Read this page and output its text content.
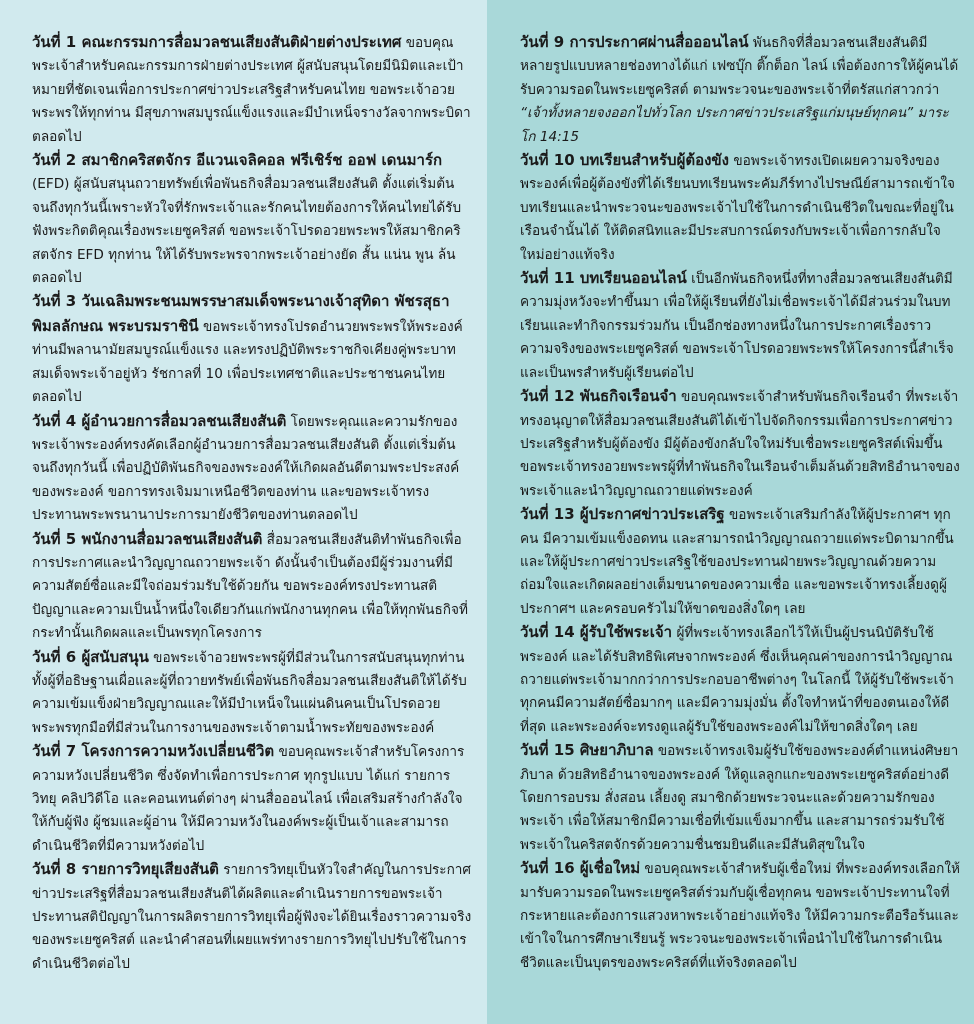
วันที่ 1 คณะกรรมการสื่อมวลชนเสียงสันติฝ่ายต่างประเทศ ขอบคุณพระเจ้าสำหรับคณะกรรมการฝ่ายต่างประเทศ ผู้สนับสนุนโดยมีนิมิตและเป้าหมายที่ชัดเจนเพื่อการประกาศข่าวประเสริฐสำหรับคนไทย ขอพระเจ้าอวยพระพรให้ทุกท่าน มีสุขภาพสมบูรณ์แข็งแรงและมีบำเหน็จรางวัลจากพระบิดาตลอดไป

วันที่ 2 สมาชิกคริสตจักร อีแวนเจลิคอล ฟรีเชิร์ช ออฟ เดนมาร์ก (EFD) ผู้สนับสนุนถวายทรัพย์เพื่อพันธกิจสื่อมวลชนเสียงสันติ ตั้งแต่เริ่มต้นจนถึงทุกวันนี้เพราะหัวใจที่รักพระเจ้าและรักคนไทยต้องการให้คนไทยได้รับฟังพระกิตติคุณเรื่องพระเยซูคริสต์ ขอพระเจ้าโปรดอวยพระพรให้สมาชิกคริสตจักร EFD ทุกท่าน ให้ได้รับพระพรจากพระเจ้าอย่างยัด สั้น แน่น พูน ล้น ตลอดไป

วันที่ 3 วันเฉลิมพระชนมพรรษาสมเด็จพระนางเจ้าสุทิดา พัชรสุธาพิมลลักษณ พระบรมราชินี ขอพระเจ้าทรงโปรดอำนวยพระพรให้พระองค์ท่านมีพลานามัยสมบูรณ์แข็งแรง และทรงปฏิบัติพระราชกิจเคียงคู่พระบาท สมเด็จพระเจ้าอยู่หัว รัชกาลที่ 10 เพื่อประเทศชาติและประชาชนคนไทยตลอดไป

วันที่ 4 ผู้อำนวยการสื่อมวลชนเสียงสันติ โดยพระคุณและความรักของพระเจ้าพระองค์ทรงคัดเลือกผู้อำนวยการสื่อมวลชนเสียงสันติ ตั้งแต่เริ่มต้นจนถึงทุกวันนี้ เพื่อปฏิบัติพันธกิจของพระองค์ให้เกิดผลอันดีตามพระประสงค์ของพระองค์ ขอการทรงเจิมมาเหนือชีวิตของท่าน และขอพระเจ้าทรงประทานพระพรนานาประการมายังชีวิตของท่านตลอดไป

วันที่ 5 พนักงานสื่อมวลชนเสียงสันติ สื่อมวลชนเสียงสันติทำพันธกิจเพื่อการประกาศและนำวิญญาณถวายพระเจ้า ดังนั้นจำเป็นต้องมีผู้ร่วมงานที่มีความสัตย์ซื่อและมีใจถ่อมร่วมรับใช้ด้วยกัน ขอพระองค์ทรงประทานสติปัญญาและความเป็นน้ำหนึ่งใจเดียวกันแก่พนักงานทุกคน เพื่อให้ทุกพันธกิจที่กระทำนั้นเกิดผลและเป็นพรทุกโครงการ

วันที่ 6 ผู้สนับสนุน ขอพระเจ้าอวยพระพรผู้ที่มีส่วนในการสนับสนุนทุกท่าน ทั้งผู้ที่อธิษฐานเผื่อและผู้ที่ถวายทรัพย์เพื่อพันธกิจสื่อมวลชนเสียงสันติให้ได้รับความเข้มแข็งฝ่ายวิญญาณและให้มีบำเหน็จในแผ่นดินคนเป็นโปรดอวยพระพรทุกมือที่มีส่วนในการงานของพระเจ้าตามน้ำพระทัยของพระองค์

วันที่ 7 โครงการความหวังเปลี่ยนชีวิต ขอบคุณพระเจ้าสำหรับโครงการความหวังเปลี่ยนชีวิต ซึ่งจัดทำเพื่อการประกาศ ทุกรูปแบบ ได้แก่ รายการวิทยุ คลิปวิดีโอ และคอนเทนต์ต่างๆ ผ่านสื่อออนไลน์ เพื่อเสริมสร้างกำลังใจให้กับผู้ฟัง ผู้ชมและผู้อ่าน ให้มีความหวังในองค์พระผู้เป็นเจ้าและสามารถดำเนินชีวิตที่มีความหวังต่อไป

วันที่ 8 รายการวิทยุเสียงสันติ รายการวิทยุเป็นหัวใจสำคัญในการประกาศข่าวประเสริฐที่สื่อมวลชนเสียงสันติได้ผลิตและดำเนินรายการขอพระเจ้าประทานสติปัญญาในการผลิตรายการวิทยุเพื่อผู้ฟังจะได้ยินเรื่องราวความจริงของพระเยซูคริสต์ และนำคำสอนที่เผยแพร่ทางรายการวิทยุไปปรับใช้ในการดำเนินชีวิตต่อไป

วันที่ 9 การประกาศผ่านสื่อออนไลน์ พันธกิจที่สื่อมวลชนเสียงสันติมีหลายรูปแบบหลายช่องทางได้แก่ เฟซบุ๊ก ติ๊กต็อก ไลน์ เพื่อต้องการให้ผู้คนได้รับความรอดในพระเยซูคริสต์ ตามพระวจนะของพระเจ้าที่ตรัสแก่สาวกว่า “เจ้าทั้งหลายจงออกไปทั่วโลก ประกาศข่าวประเสริฐแก่มนุษย์ทุกคน” มาระโก 14:15

วันที่ 10 บทเรียนสำหรับผู้ต้องขัง ขอพระเจ้าทรงเปิดเผยความจริงของพระองค์เพื่อผู้ต้องขังที่ได้เรียนบทเรียนพระคัมภีร์ทางไปรษณีย์สามารถเข้าใจบทเรียนและนำพระวจนะของพระเจ้าไปใช้ในการดำเนินชีวิตในขณะที่อยู่ในเรือนจำนั้นได้ ให้ติดสนิทและมีประสบการณ์ตรงกับพระเจ้าเพื่อการกลับใจใหม่อย่างแท้จริง

วันที่ 11 บทเรียนออนไลน์ เป็นอีกพันธกิจหนึ่งที่ทางสื่อมวลชนเสียงสันติมีความมุ่งหวังจะทำขึ้นมา เพื่อให้ผู้เรียนที่ยังไม่เชื่อพระเจ้าได้มีส่วนร่วมในบทเรียนและทำกิจกรรมร่วมกัน เป็นอีกช่องทางหนึ่งในการประกาศเรื่องราวความจริงของพระเยซูคริสต์ ขอพระเจ้าโปรดอวยพระพรให้โครงการนี้สำเร็จและเป็นพรสำหรับผู้เรียนต่อไป

วันที่ 12 พันธกิจเรือนจำ ขอบคุณพระเจ้าสำหรับพันธกิจเรือนจำ ที่พระเจ้าทรงอนุญาตให้สื่อมวลชนเสียงสันติได้เข้าไปจัดกิจกรรมเพื่อการประกาศข่าวประเสริฐสำหรับผู้ต้องขัง มีผู้ต้องขังกลับใจใหม่รับเชื่อพระเยซูคริสต์เพิ่มขึ้น ขอพระเจ้าทรงอวยพระพรผู้ที่ทำพันธกิจในเรือนจำเต็มล้นด้วยสิทธิอำนาจของพระเจ้าและนำวิญญาณถวายแด่พระองค์

วันที่ 13 ผู้ประกาศข่าวประเสริฐ ขอพระเจ้าเสริมกำลังให้ผู้ประกาศฯ ทุกคน มีความเข้มแข็งอดทน และสามารถนำวิญญาณถวายแด่พระบิดามากขึ้นและให้ผู้ประกาศข่าวประเสริฐใช้ของประทานฝ่ายพระวิญญาณด้วยความถ่อมใจและเกิดผลอย่างเต็มขนาดของความเชื่อ และขอพระเจ้าทรงเลี้ยงดูผู้ประกาศฯ และครอบครัวไม่ให้ขาดของสิ่งใดๆ เลย

วันที่ 14 ผู้รับใช้พระเจ้า ผู้ที่พระเจ้าทรงเลือกไว้ให้เป็นผู้ปรนนิบัติรับใช้พระองค์ และได้รับสิทธิพิเศษจากพระองค์ ซึ่งเห็นคุณค่าของการนำวิญญาณถวายแด่พระเจ้ามากกว่าการประกอบอาชีพต่างๆ ในโลกนี้ ให้ผู้รับใช้พระเจ้าทุกคนมีความสัตย์ซื่อมากๆ และมีความมุ่งมั่น ตั้งใจทำหน้าที่ของตนเองให้ดีที่สุด และพระองค์จะทรงดูแลผู้รับใช้ของพระองค์ไม่ให้ขาดสิ่งใดๆ เลย

วันที่ 15 ศิษยาภิบาล ขอพระเจ้าทรงเจิมผู้รับใช้ของพระองค์ตำแหน่งศิษยาภิบาล ด้วยสิทธิอำนาจของพระองค์ ให้ดูแลลูกแกะของพระเยซูคริสต์อย่างดี โดยการอบรม สั่งสอน เลี้ยงดู สมาชิกด้วยพระวจนะและด้วยความรักของพระเจ้า เพื่อให้สมาชิกมีความเชื่อที่เข้มแข็งมากขึ้น และสามารถร่วมรับใช้พระเจ้าในคริสตจักรด้วยความชื่นชมยินดีและมีสันติสุขในใจ

วันที่ 16 ผู้เชื่อใหม่ ขอบคุณพระเจ้าสำหรับผู้เชื่อใหม่ ที่พระองค์ทรงเลือกให้มารับความรอดในพระเยซูคริสต์ร่วมกับผู้เชื่อทุกคน ขอพระเจ้าประทานใจที่กระหายและต้องการแสวงหาพระเจ้าอย่างแท้จริง ให้มีความกระตือรือร้นและเข้าใจในการศึกษาเรียนรู้ พระวจนะของพระเจ้าเพื่อนำไปใช้ในการดำเนินชีวิตและเป็นบุตรของพระคริสต์ที่แท้จริงตลอดไป
